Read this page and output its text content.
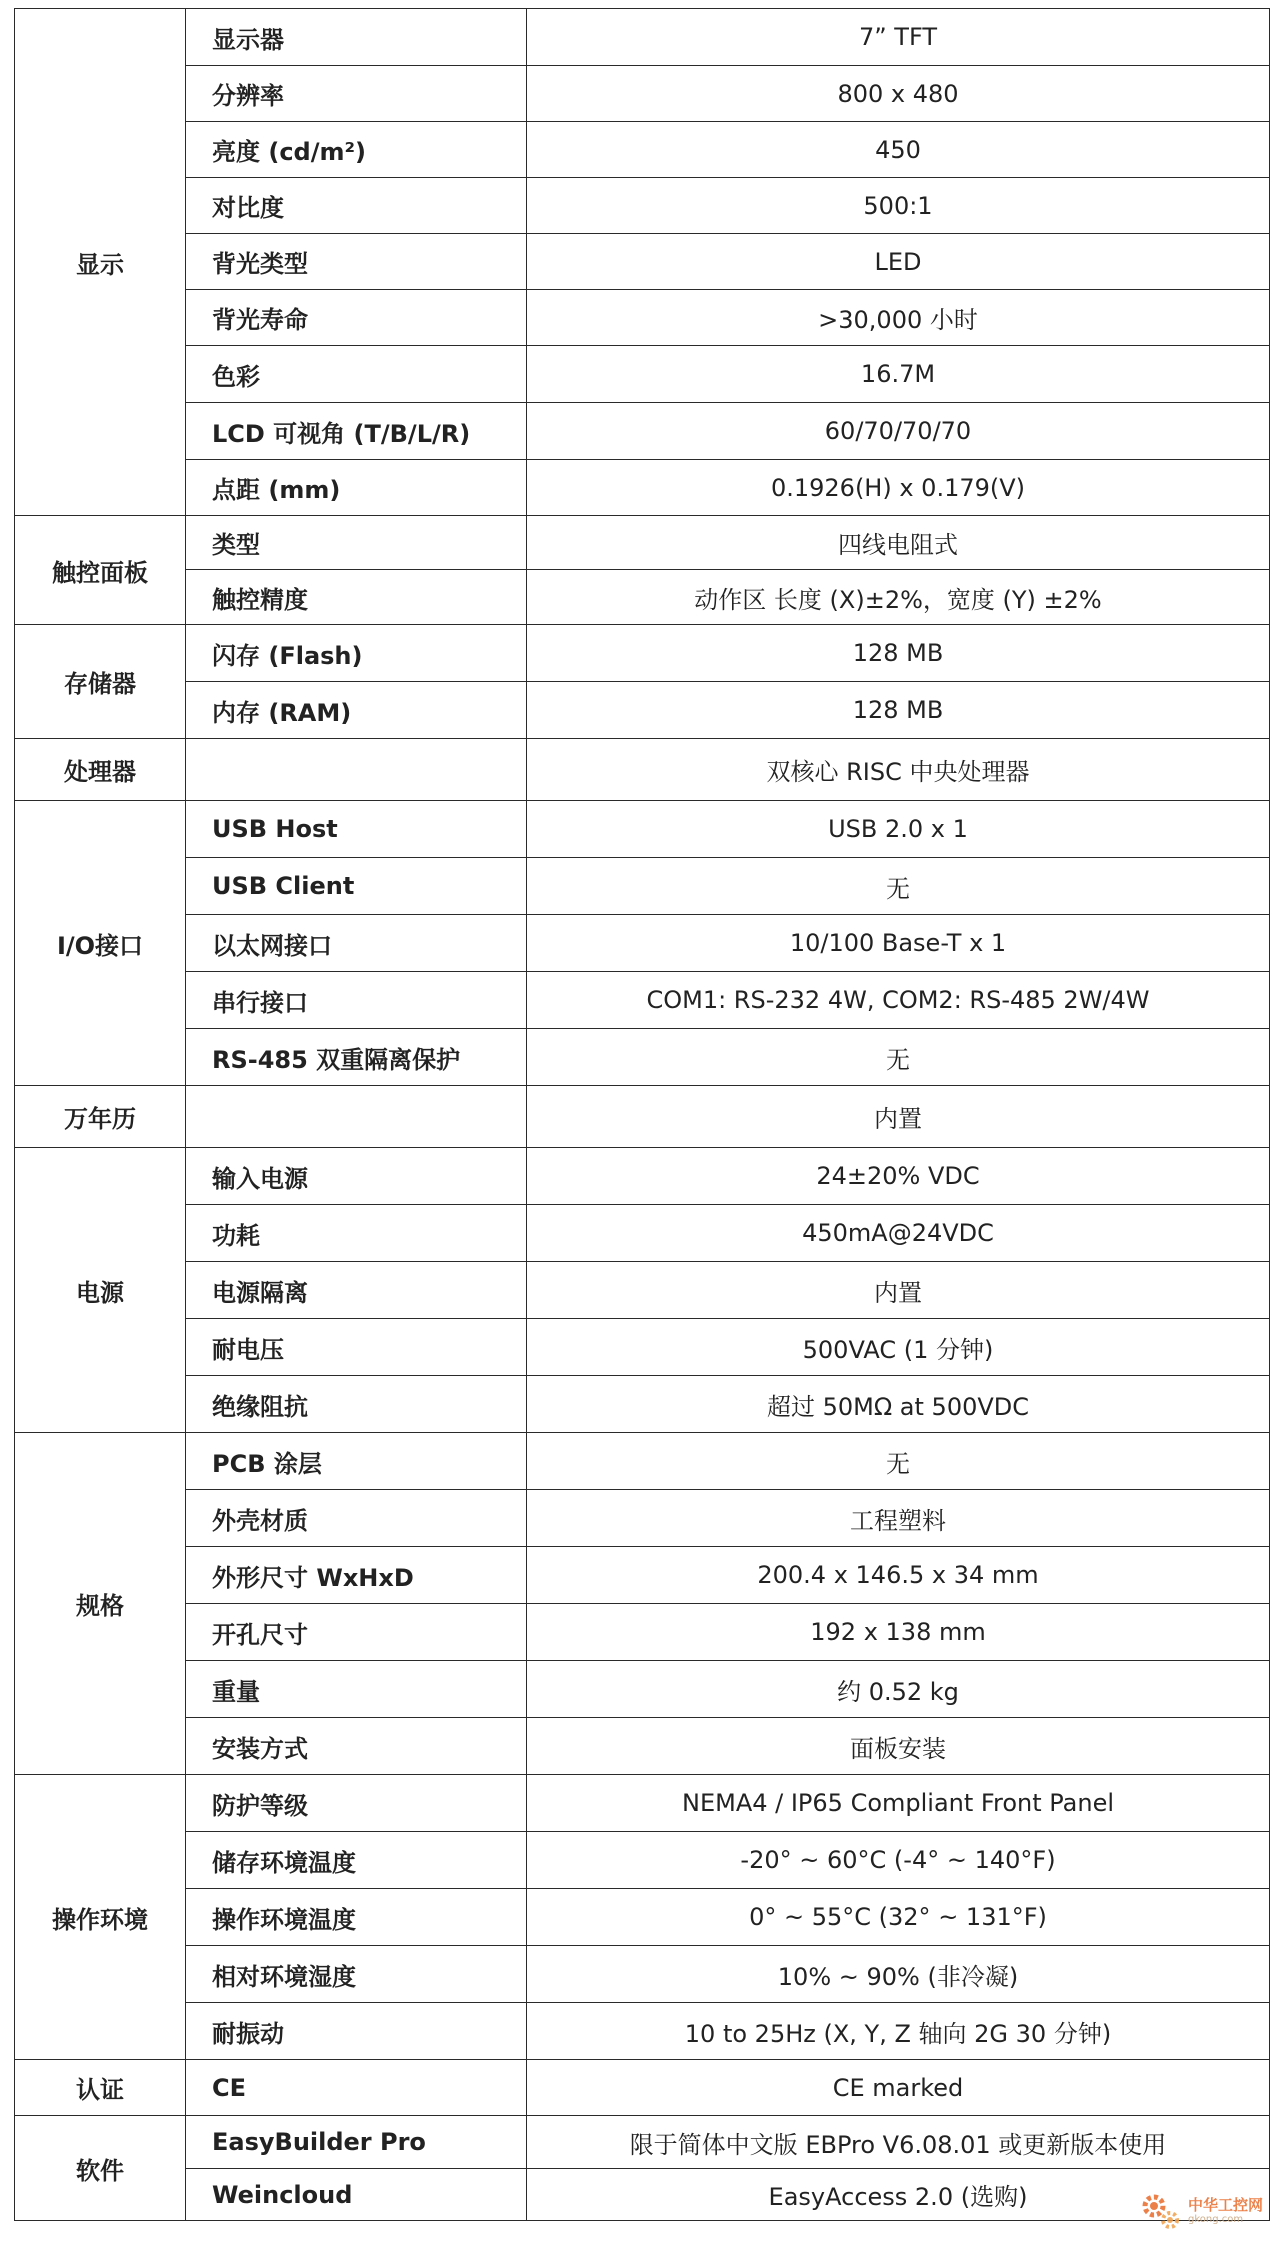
显示	显示器	7” TFT
	分辨率	800 x 480
	亮度 (cd/m²)	450
	对比度	500:1
	背光类型	LED
	背光寿命	>30,000 小时
	色彩	16.7M
	LCD 可视角 (T/B/L/R)	60/70/70/70
	点距 (mm)	0.1926(H) x 0.179(V)
触控面板	类型	四线电阻式
	触控精度	动作区 长度 (X)±2%，宽度 (Y) ±2%
存储器	闪存 (Flash)	128 MB
	内存 (RAM)	128 MB
处理器		双核心 RISC 中央处理器
I/O接口	USB Host	USB 2.0 x 1
	USB Client	无
	以太网接口	10/100 Base-T x 1
	串行接口	COM1: RS-232 4W, COM2: RS-485 2W/4W
	RS-485 双重隔离保护	无
万年历		内置
电源	输入电源	24±20% VDC
	功耗	450mA@24VDC
	电源隔离	内置
	耐电压	500VAC (1 分钟)
	绝缘阻抗	超过 50MΩ at 500VDC
规格	PCB 涂层	无
	外壳材质	工程塑料
	外形尺寸 WxHxD	200.4 x 146.5 x 34 mm
	开孔尺寸	192 x 138 mm
	重量	约 0.52 kg
	安装方式	面板安装
操作环境	防护等级	NEMA4 / IP65 Compliant Front Panel
	储存环境温度	-20° ~ 60°C (-4° ~ 140°F)
	操作环境温度	0° ~ 55°C (32° ~ 131°F)
	相对环境湿度	10% ~ 90% (非冷凝)
	耐振动	10 to 25Hz (X, Y, Z 轴向 2G 30 分钟)
认证	CE	CE marked
软件	EasyBuilder Pro	限于简体中文版 EBPro V6.08.01 或更新版本使用
	Weincloud	EasyAccess 2.0 (选购)	中华工控网
gkong.com
